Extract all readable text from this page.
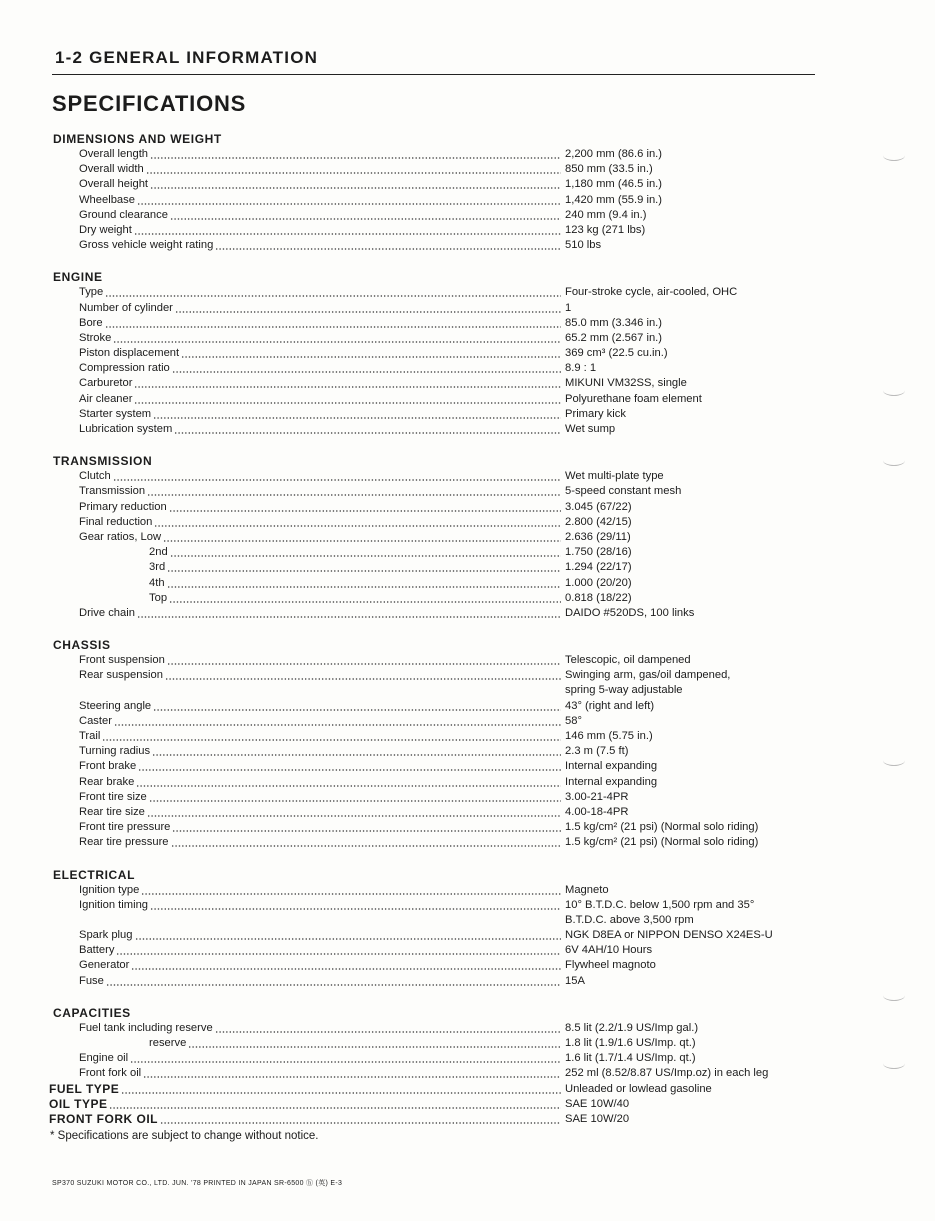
1-2 GENERAL INFORMATION
SPECIFICATIONS
DIMENSIONS AND WEIGHT
Overall length	2,200 mm (86.6 in.)
Overall width	850 mm (33.5 in.)
Overall height	1,180 mm (46.5 in.)
Wheelbase	1,420 mm (55.9 in.)
Ground clearance	240 mm (9.4 in.)
Dry weight	123 kg (271 lbs)
Gross vehicle weight rating	510 lbs
ENGINE
Type	Four-stroke cycle, air-cooled, OHC
Number of cylinder	1
Bore	85.0 mm (3.346 in.)
Stroke	65.2 mm (2.567 in.)
Piston displacement	369 cm³ (22.5 cu.in.)
Compression ratio	8.9 : 1
Carburetor	MIKUNI VM32SS, single
Air cleaner	Polyurethane foam element
Starter system	Primary kick
Lubrication system	Wet sump
TRANSMISSION
Clutch	Wet multi-plate type
Transmission	5-speed constant mesh
Primary reduction	3.045 (67/22)
Final reduction	2.800 (42/15)
Gear ratios, Low	2.636 (29/11)
2nd	1.750 (28/16)
3rd	1.294 (22/17)
4th	1.000 (20/20)
Top	0.818 (18/22)
Drive chain	DAIDO #520DS, 100 links
CHASSIS
Front suspension	Telescopic, oil dampened
Rear suspension	Swinging arm, gas/oil dampened,
spring 5-way adjustable
Steering angle	43° (right and left)
Caster	58°
Trail	146 mm (5.75 in.)
Turning radius	2.3 m (7.5 ft)
Front brake	Internal expanding
Rear brake	Internal expanding
Front tire size	3.00-21-4PR
Rear tire size	4.00-18-4PR
Front tire pressure	1.5 kg/cm² (21 psi) (Normal solo riding)
Rear tire pressure	1.5 kg/cm² (21 psi) (Normal solo riding)
ELECTRICAL
Ignition type	Magneto
Ignition timing	10° B.T.D.C. below 1,500 rpm and 35°
B.T.D.C. above 3,500 rpm
Spark plug	NGK D8EA or NIPPON DENSO X24ES-U
Battery	6V 4AH/10 Hours
Generator	Flywheel magnoto
Fuse	15A
CAPACITIES
Fuel tank including reserve	8.5 lit (2.2/1.9 US/Imp gal.)
reserve	1.8 lit (1.9/1.6 US/Imp. qt.)
Engine oil	1.6 lit (1.7/1.4 US/Imp. qt.)
Front fork oil	252 ml (8.52/8.87 US/Imp.oz) in each leg
FUEL TYPE	Unleaded or lowlead gasoline
OIL TYPE	SAE 10W/40
FRONT FORK OIL	SAE 10W/20
* Specifications are subject to change without notice.
SP370 SUZUKI MOTOR CO., LTD. JUN. '78 PRINTED IN JAPAN SR-6500 ⓗ (英) E-3
